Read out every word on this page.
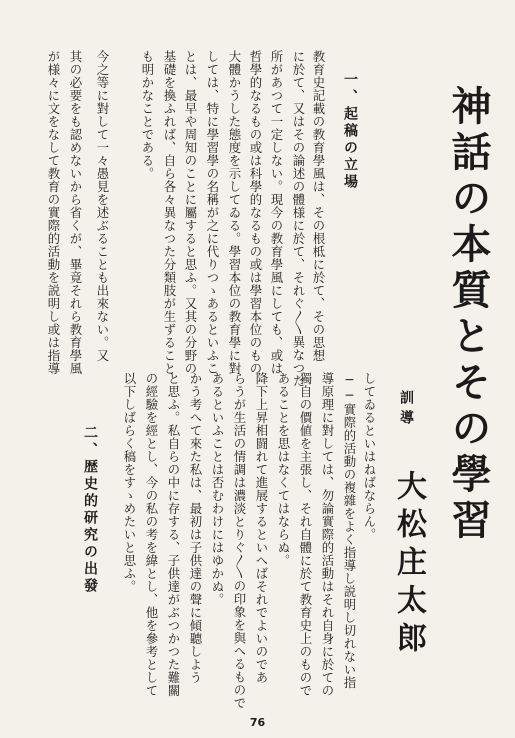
神話の本質とその學習
訓導
大松庄太郎
一、起稿の立場
教育史記載の教育學風は、その根柢に於て、その思想
に於て、又はその論述の體様に於て、それぐ〳〵異なつた
所があつて一定しない。現今の教育學風にしても、或は
哲學的なるもの或は科學的なるもの或は學習本位のもの
大體かうした態度を示してゐる。學習本位の教育學に對
しては、特に學習學の名稱が之に代りつゝあるといふこ
とは、最早や周知のことに屬すると思ふ。又其の分野の
基礎を換ふれば、自ら各々異なつた分類肢が生ずること
も明かなことである。
今之等に對して一々愚見を述ぶることも出來ない。又
其の必要をも認めないから省くが、畢竟それら教育學風
が様々に文をなして教育の實際的活動を説明し或は指導
してゐるといはねばならん。
──實際的活動の複雜をよく指導し説明し切れない指
導原理に對しては、勿論實際的活動はそれ自身に於ての
獨自の價値を主張し、それ自體に於て教育史上のもので
あることを思はなくてはならぬ。
降下上昇相闘れて進展するといへばそれでよいのであ
らうが生活の情調は濃淡とりぐ〳〵の印象を與へるもので
あるといふことは否むわけにはゆかぬ。
かう考へて來た私は、最初は子供達の聲に傾聽しよう
と思ふ。私自らの中に存する、子供達がぶつかつた難關
の經驗を經とし、今の私の考を緯とし、他を參考として
以下しばらく稿をすゝめたいと思ふ。
二、歴史的研究の出發
76
